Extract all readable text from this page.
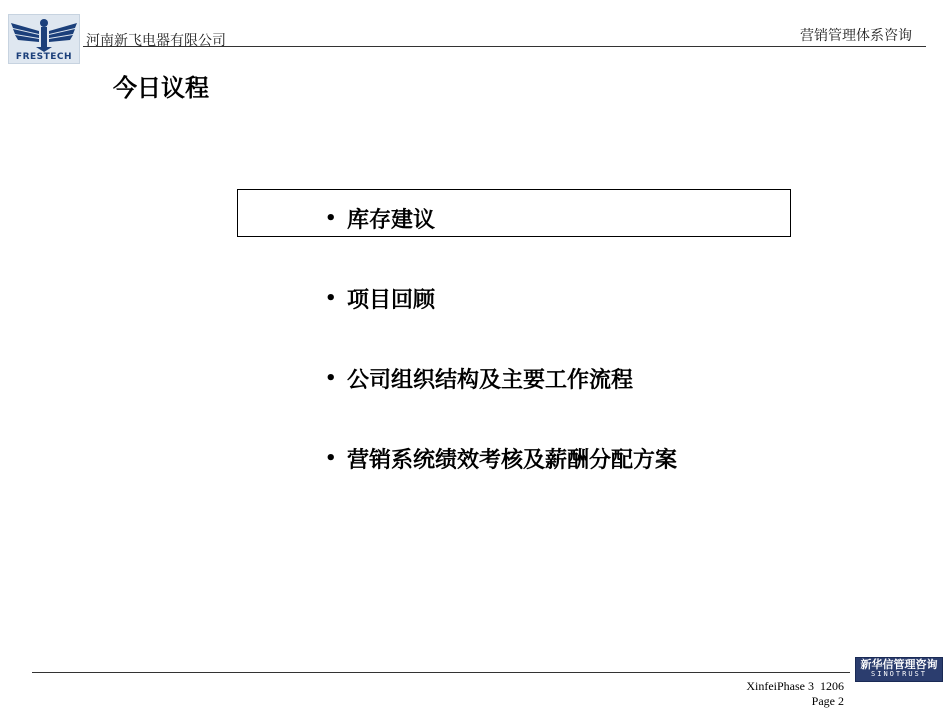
FRESTECH
河南新飞电器有限公司	营销管理体系咨询
今日议程
• 库存建议
• 项目回顾
• 公司组织结构及主要工作流程
• 营销系统绩效考核及薪酬分配方案
新华信管理咨询
SINOTRUST
XinfeiPhase 3  1206
Page 2
